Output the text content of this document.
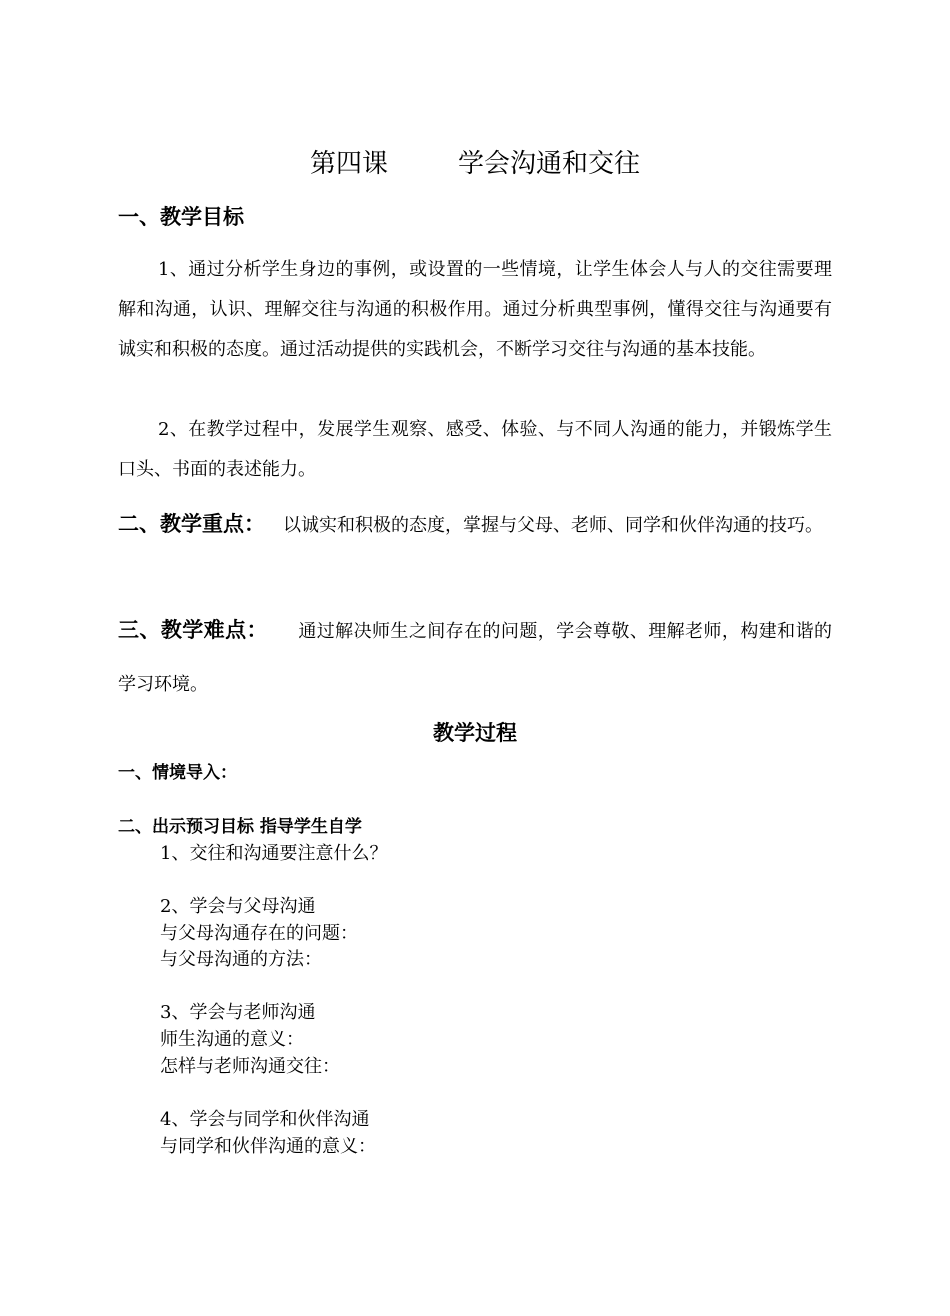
第四课	学会沟通和交往
一、教学目标
1、通过分析学生身边的事例，或设置的一些情境，让学生体会人与人的交往需要理解和沟通，认识、理解交往与沟通的积极作用。通过分析典型事例，懂得交往与沟通要有诚实和积极的态度。通过活动提供的实践机会，不断学习交往与沟通的基本技能。
2、在教学过程中，发展学生观察、感受、体验、与不同人沟通的能力，并锻炼学生口头、书面的表述能力。
二、教学重点： 以诚实和积极的态度，掌握与父母、老师、同学和伙伴沟通的技巧。
三、教学难点： 通过解决师生之间存在的问题，学会尊敬、理解老师，构建和谐的学习环境。
教学过程
一、情境导入：
二、出示预习目标 指导学生自学
1、交往和沟通要注意什么？
2、学会与父母沟通
与父母沟通存在的问题：
与父母沟通的方法：
3、学会与老师沟通
师生沟通的意义：
怎样与老师沟通交往：
4、学会与同学和伙伴沟通
与同学和伙伴沟通的意义：
